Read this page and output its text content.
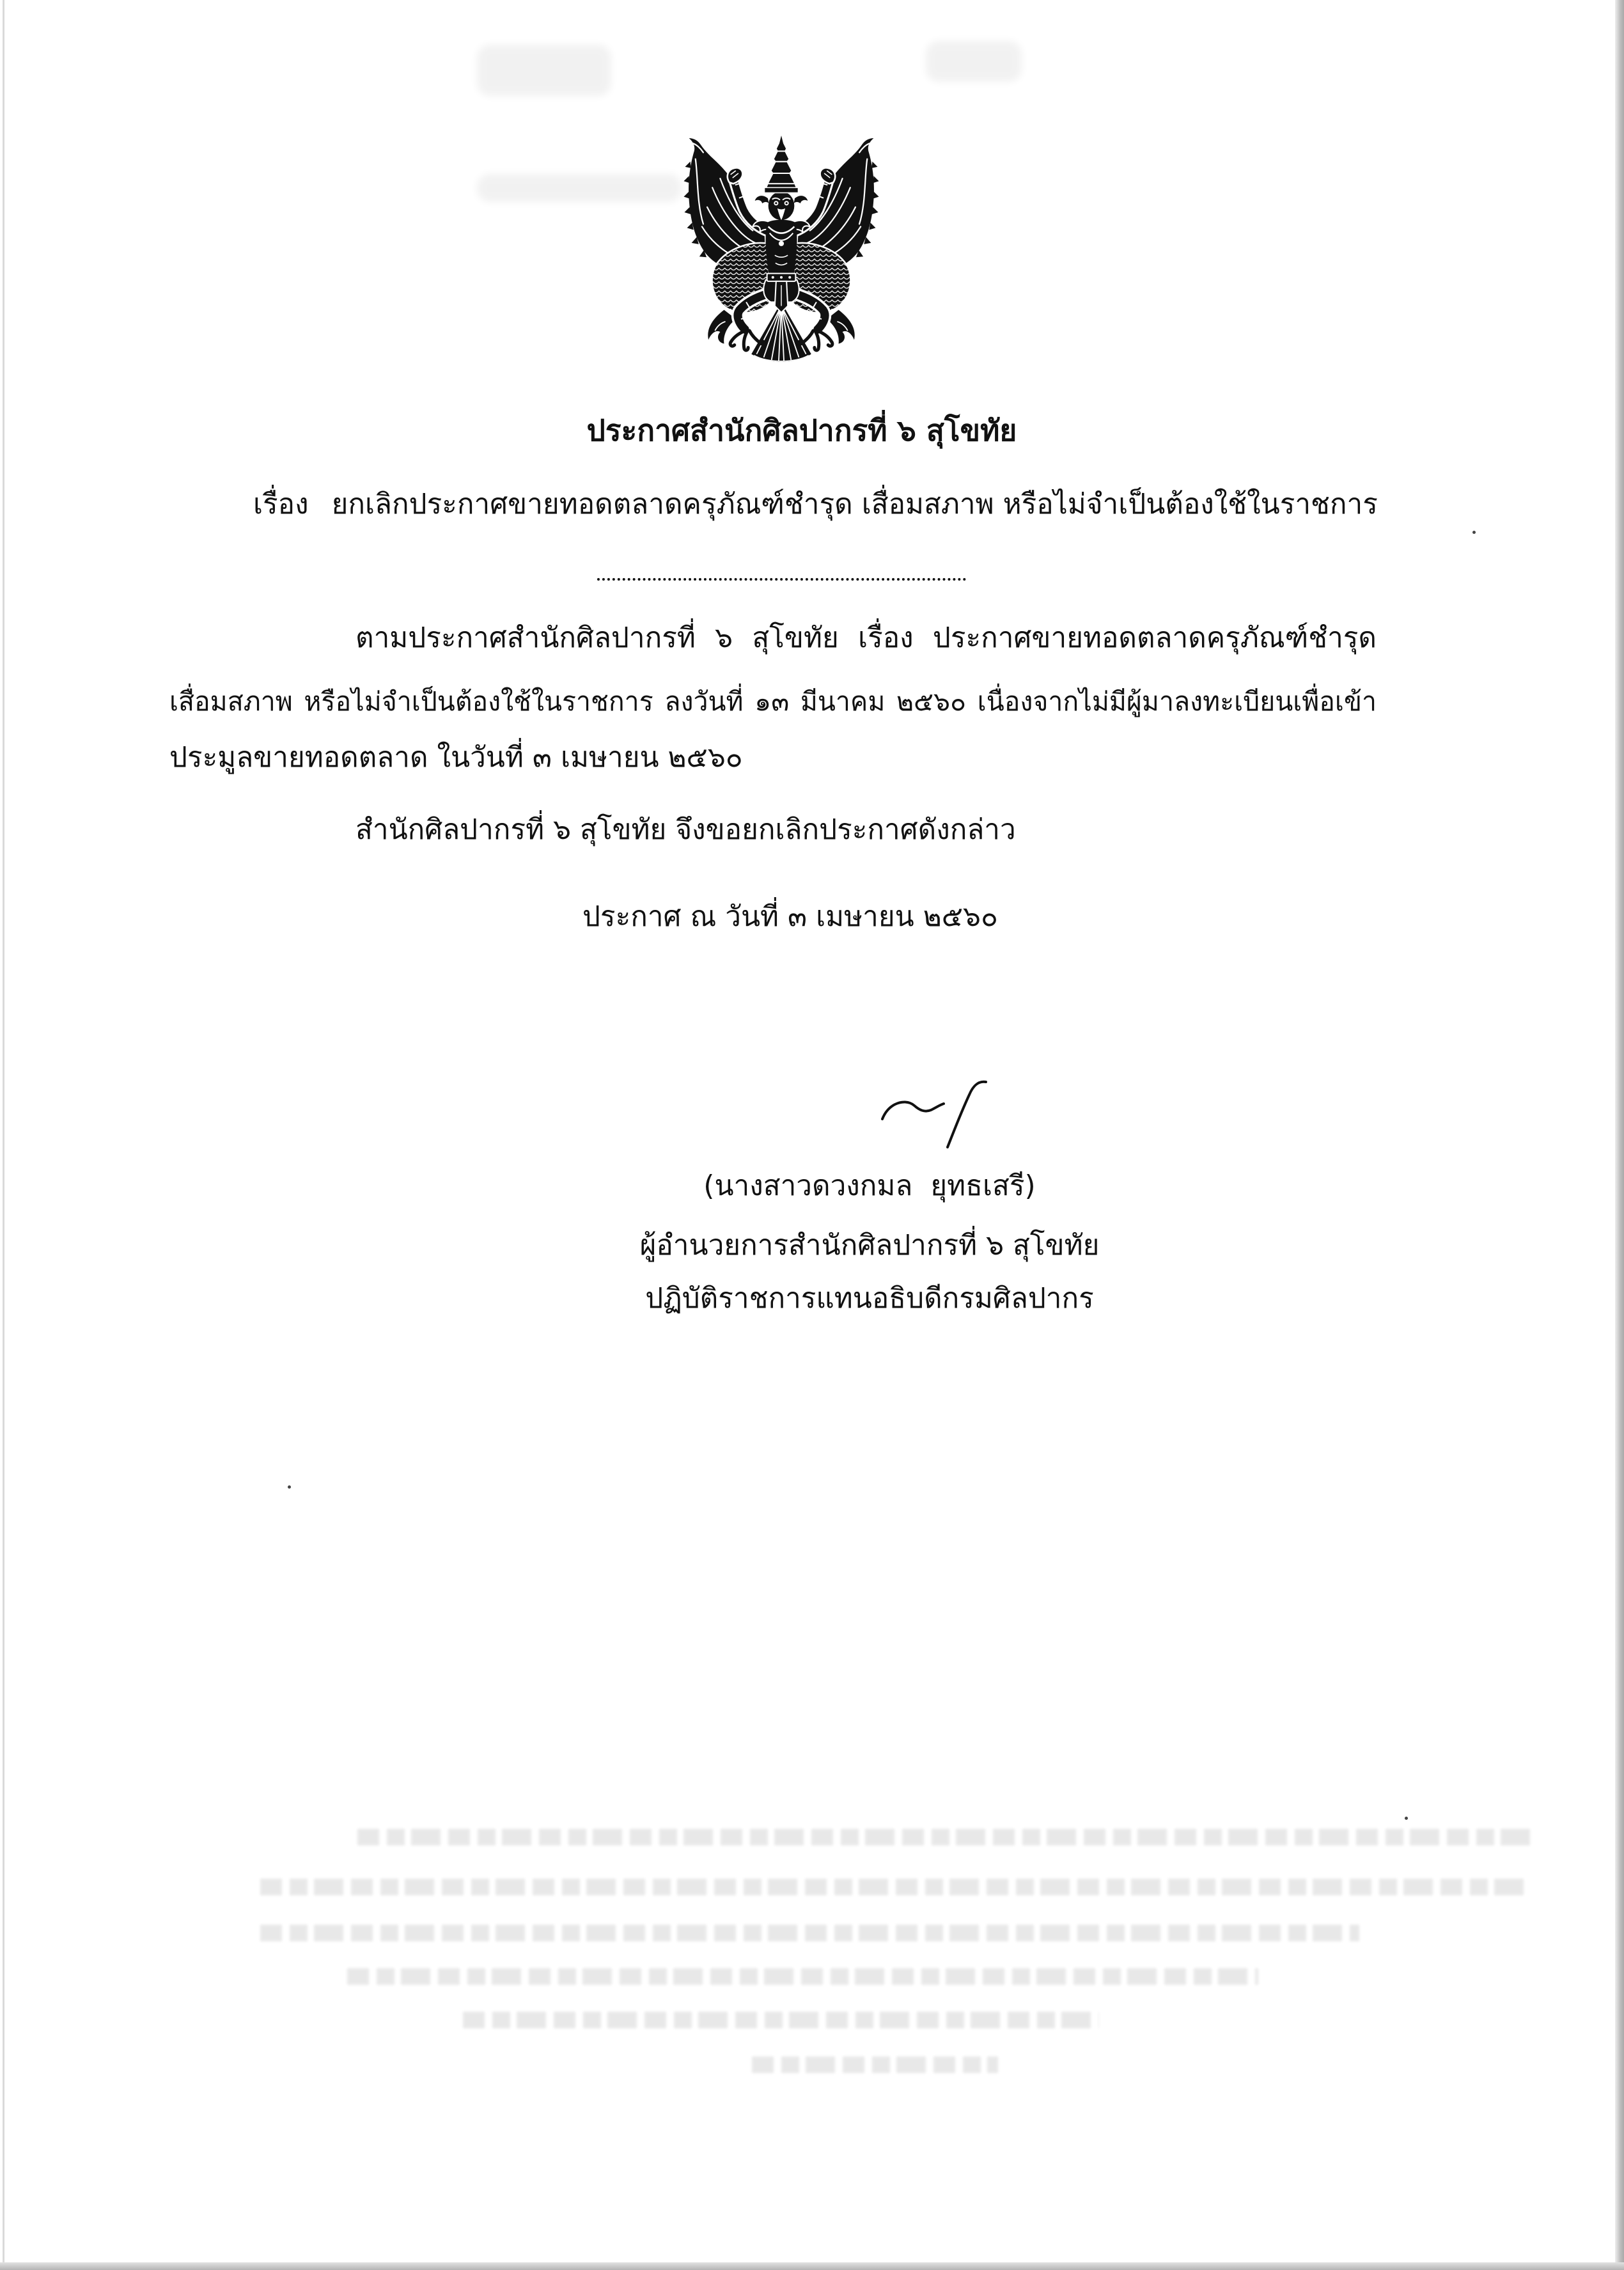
ประกาศสำนักศิลปากรที่ ๖ สุโขทัย
เรื่อง ยกเลิกประกาศขายทอดตลาดครุภัณฑ์ชำรุด เสื่อมสภาพ หรือไม่จำเป็นต้องใช้ในราชการ
ตามประกาศสำนักศิลปากรที่ ๖ สุโขทัย เรื่อง ประกาศขายทอดตลาดครุภัณฑ์ชำรุด
เสื่อมสภาพ หรือไม่จำเป็นต้องใช้ในราชการ ลงวันที่ ๑๓ มีนาคม ๒๕๖๐ เนื่องจากไม่มีผู้มาลงทะเบียนเพื่อเข้า
ประมูลขายทอดตลาด ในวันที่ ๓ เมษายน ๒๕๖๐
สำนักศิลปากรที่ ๖ สุโขทัย จึงขอยกเลิกประกาศดังกล่าว
ประกาศ ณ วันที่ ๓ เมษายน ๒๕๖๐
(นางสาวดวงกมล  ยุทธเสรี)
ผู้อำนวยการสำนักศิลปากรที่ ๖ สุโขทัย
ปฏิบัติราชการแทนอธิบดีกรมศิลปากร
